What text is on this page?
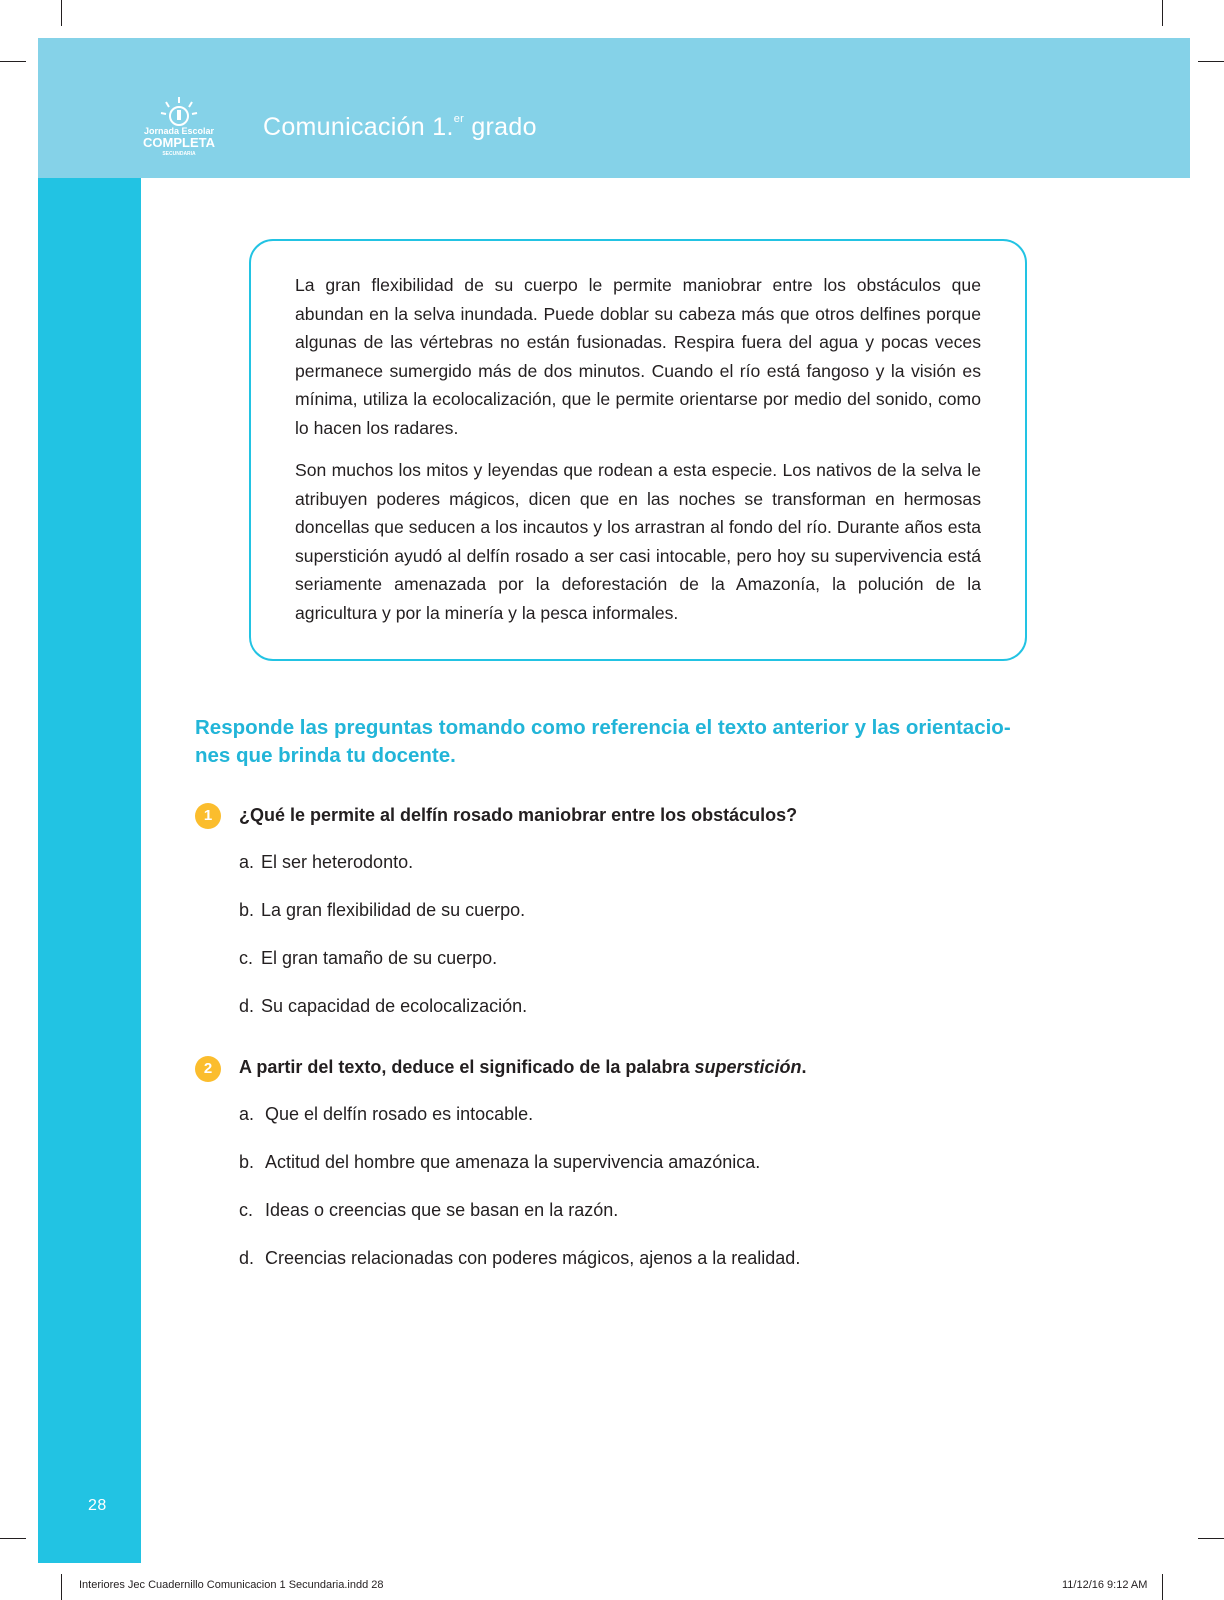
Jornada Escolar
COMPLETA
SECUNDARIA
Comunicación 1.$^{er}$ grado
28

La gran flexibilidad de su cuerpo le permite maniobrar entre los obstáculos que abundan en la selva inundada. Puede doblar su cabeza más que otros delfines porque algunas de las vértebras no están fusionadas. Respira fuera del agua y pocas veces permanece sumergido más de dos minutos. Cuando el río está fangoso y la visión es mínima, utiliza la ecolocalización, que le permite orientarse por medio del sonido, como lo hacen los radares.

Son muchos los mitos y leyendas que rodean a esta especie. Los nativos de la selva le atribuyen poderes mágicos, dicen que en las noches se transforman en hermosas doncellas que seducen a los incautos y los arrastran al fondo del río. Durante años esta superstición ayudó al delfín rosado a ser casi intocable, pero hoy su supervivencia está seriamente amenazada por la deforestación de la Amazonía, la polución de la agricultura y por la minería y la pesca informales.

Responde las preguntas tomando como referencia el texto anterior y las orientacio-
nes que brinda tu docente.
1	¿Qué le permite al delfín rosado maniobrar entre los obstáculos?
a. El ser heterodonto.
b. La gran flexibilidad de su cuerpo.
c. El gran tamaño de su cuerpo.
d. Su capacidad de ecolocalización.
2	A partir del texto, deduce el significado de la palabra superstición.
a. Que el delfín rosado es intocable.
b. Actitud del hombre que amenaza la supervivencia amazónica.
c. Ideas o creencias que se basan en la razón.
d. Creencias relacionadas con poderes mágicos, ajenos a la realidad.
Interiores Jec Cuadernillo Comunicacion 1 Secundaria.indd 28	11/12/16 9:12 AM
